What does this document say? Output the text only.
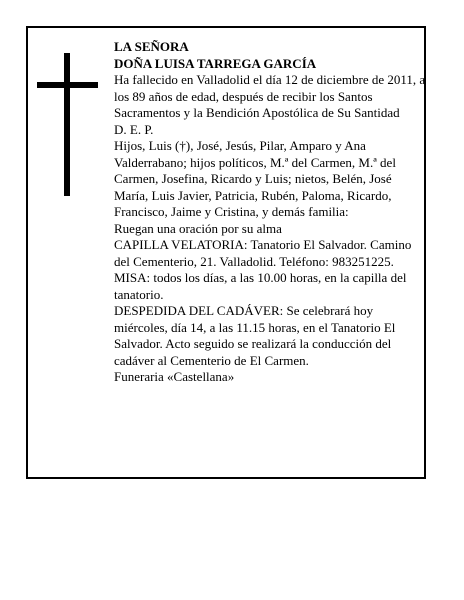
LA SEÑORA

DOÑA LUISA TARREGA GARCÍA

Ha fallecido en Valladolid el día 12 de diciembre de 2011, a los 89 años de edad, después de recibir los Santos Sacramentos y la Bendición Apostólica de Su Santidad

D. E. P.

Hijos, Luis (†), José, Jesús, Pilar, Amparo y Ana Valderrabano; hijos políticos, M.ª del Carmen, M.ª del Carmen, Josefina, Ricardo y Luis; nietos, Belén, José María, Luis Javier, Patricia, Rubén, Paloma, Ricardo, Francisco, Jaime y Cristina, y demás familia:

Ruegan una oración por su alma

CAPILLA VELATORIA: Tanatorio El Salvador. Camino del Cementerio, 21. Valladolid. Teléfono: 983251225.

MISA: todos los días, a las 10.00 horas, en la capilla del tanatorio.

DESPEDIDA DEL CADÁVER: Se celebrará hoy miércoles, día 14, a las 11.15 horas, en el Tanatorio El Salvador. Acto seguido se realizará la conducción del cadáver al Cementerio de El Carmen.

Funeraria «Castellana»
